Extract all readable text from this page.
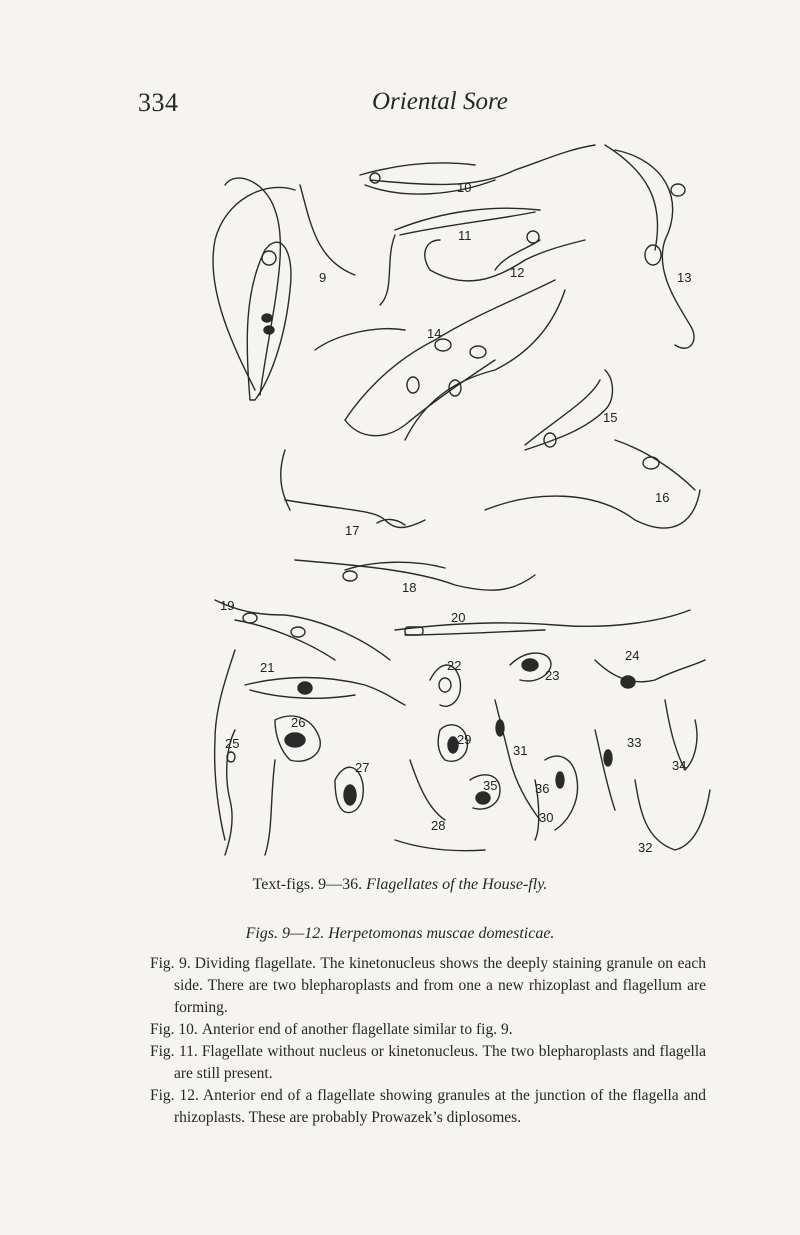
334	Oriental Sore
9
10
11
12	13
14
15
16
17
18
19
20
21	22
23
24
25
26
27
28
29
30
31
32
33
34
35	36
Text-figs. 9—36. Flagellates of the House-fly.
Figs. 9—12. Herpetomonas muscae domesticae.

Fig. 9. Dividing flagellate. The kinetonucleus shows the deeply staining granule on each side. There are two blepharoplasts and from one a new rhizoplast and flagellum are forming.

Fig. 10. Anterior end of another flagellate similar to fig. 9.

Fig. 11. Flagellate without nucleus or kinetonucleus. The two blepharoplasts and flagella are still present.

Fig. 12. Anterior end of a flagellate showing granules at the junction of the flagella and rhizoplasts. These are probably Prowazek’s diplosomes.
